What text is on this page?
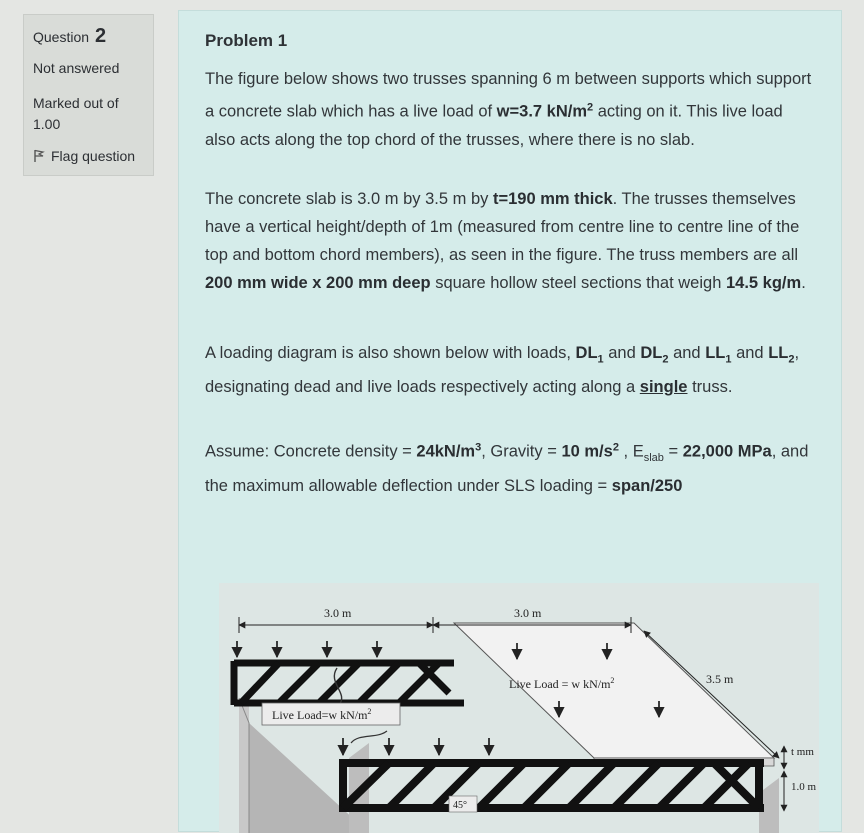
Question 2
Not answered
Marked out of
1.00
Flag question
Problem 1
The figure below shows two trusses spanning 6 m between supports which support a concrete slab which has a live load of w=3.7 $kN/m^2$ acting on it. This live load also acts along the top chord of the trusses, where there is no slab.
The concrete slab is 3.0 m by 3.5 m by t=190 mm thick. The trusses themselves have a vertical height/depth of 1m (measured from centre line to centre line of the top and bottom chord members), as seen in the figure. The truss members are all 200 mm wide x 200 mm deep square hollow steel sections that weigh 14.5 kg/m.
A loading diagram is also shown below with loads, $DL_1$ and $DL_2$ and $LL_1$ and $LL_2$, designating dead and live loads respectively acting along a single truss.
Assume: Concrete density = $24kN/m^3$, Gravity = 10 $m/s^2$ , $E_{slab} = 22,000$ MPa, and the maximum allowable deflection under SLS loading = span/250
3.0 m	3.0 m
Live Load = w $kN/m^2$
Live Load=w $kN/m^2$
3.5 m
t mm
1.0 m
45°
